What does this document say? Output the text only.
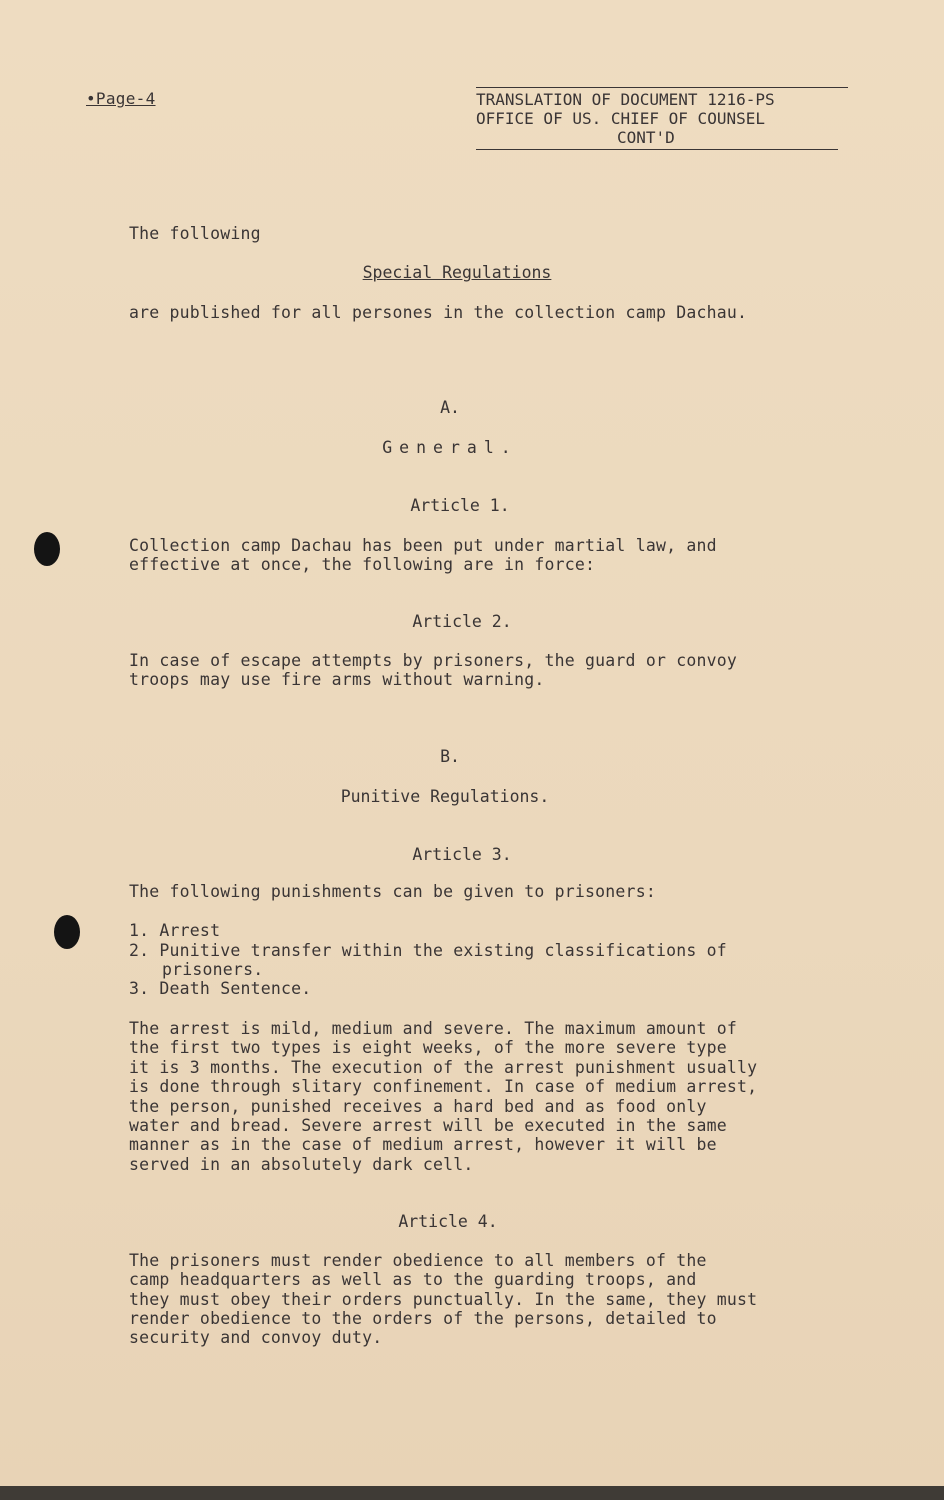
•Page-4	TRANSLATION OF DOCUMENT 1216-PS
OFFICE OF US. CHIEF OF COUNSEL
CONT'D
The following
Special Regulations
are published for all persones in the collection camp Dachau.
A.
General.
Article 1.
Collection camp Dachau has been put under martial law, and
effective at once, the following are in force:
Article 2.
In case of escape attempts by prisoners, the guard or convoy
troops may use fire arms without warning.
B.
Punitive Regulations.
Article 3.
The following punishments can be given to prisoners:
1. Arrest
2. Punitive transfer within the existing classifications of
prisoners.
3. Death Sentence.
The arrest is mild, medium and severe. The maximum amount of
the first two types is eight weeks, of the more severe type
it is 3 months. The execution of the arrest punishment usually
is done through slitary confinement. In case of medium arrest,
the person, punished receives a hard bed and as food only
water and bread. Severe arrest will be executed in the same
manner as in the case of medium arrest, however it will be
served in an absolutely dark cell.
Article 4.
The prisoners must render obedience to all members of the
camp headquarters as well as to the guarding troops, and
they must obey their orders punctually. In the same, they must
render obedience to the orders of the persons, detailed to
security and convoy duty.
